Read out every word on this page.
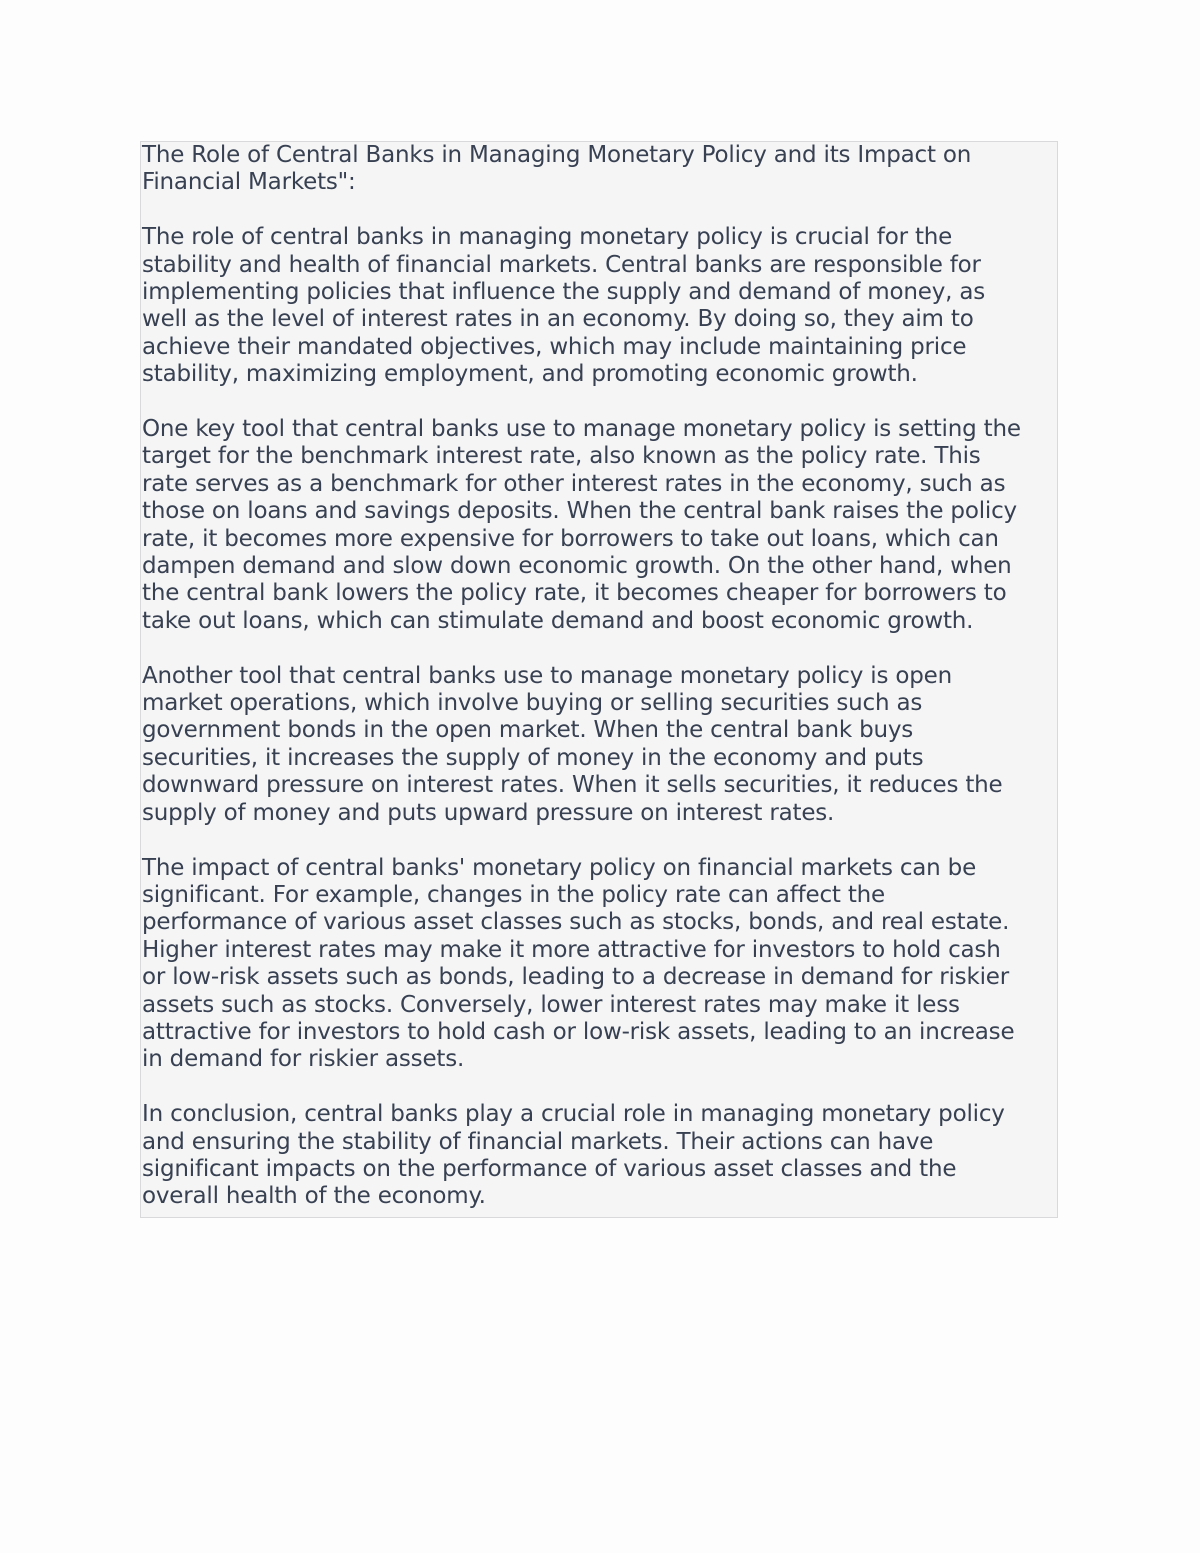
The Role of Central Banks in Managing Monetary Policy and its Impact on
Financial Markets":
The role of central banks in managing monetary policy is crucial for the
stability and health of financial markets. Central banks are responsible for
implementing policies that influence the supply and demand of money, as
well as the level of interest rates in an economy. By doing so, they aim to
achieve their mandated objectives, which may include maintaining price
stability, maximizing employment, and promoting economic growth.
One key tool that central banks use to manage monetary policy is setting the
target for the benchmark interest rate, also known as the policy rate. This
rate serves as a benchmark for other interest rates in the economy, such as
those on loans and savings deposits. When the central bank raises the policy
rate, it becomes more expensive for borrowers to take out loans, which can
dampen demand and slow down economic growth. On the other hand, when
the central bank lowers the policy rate, it becomes cheaper for borrowers to
take out loans, which can stimulate demand and boost economic growth.
Another tool that central banks use to manage monetary policy is open
market operations, which involve buying or selling securities such as
government bonds in the open market. When the central bank buys
securities, it increases the supply of money in the economy and puts
downward pressure on interest rates. When it sells securities, it reduces the
supply of money and puts upward pressure on interest rates.
The impact of central banks' monetary policy on financial markets can be
significant. For example, changes in the policy rate can affect the
performance of various asset classes such as stocks, bonds, and real estate.
Higher interest rates may make it more attractive for investors to hold cash
or low-risk assets such as bonds, leading to a decrease in demand for riskier
assets such as stocks. Conversely, lower interest rates may make it less
attractive for investors to hold cash or low-risk assets, leading to an increase
in demand for riskier assets.
In conclusion, central banks play a crucial role in managing monetary policy
and ensuring the stability of financial markets. Their actions can have
significant impacts on the performance of various asset classes and the
overall health of the economy.
